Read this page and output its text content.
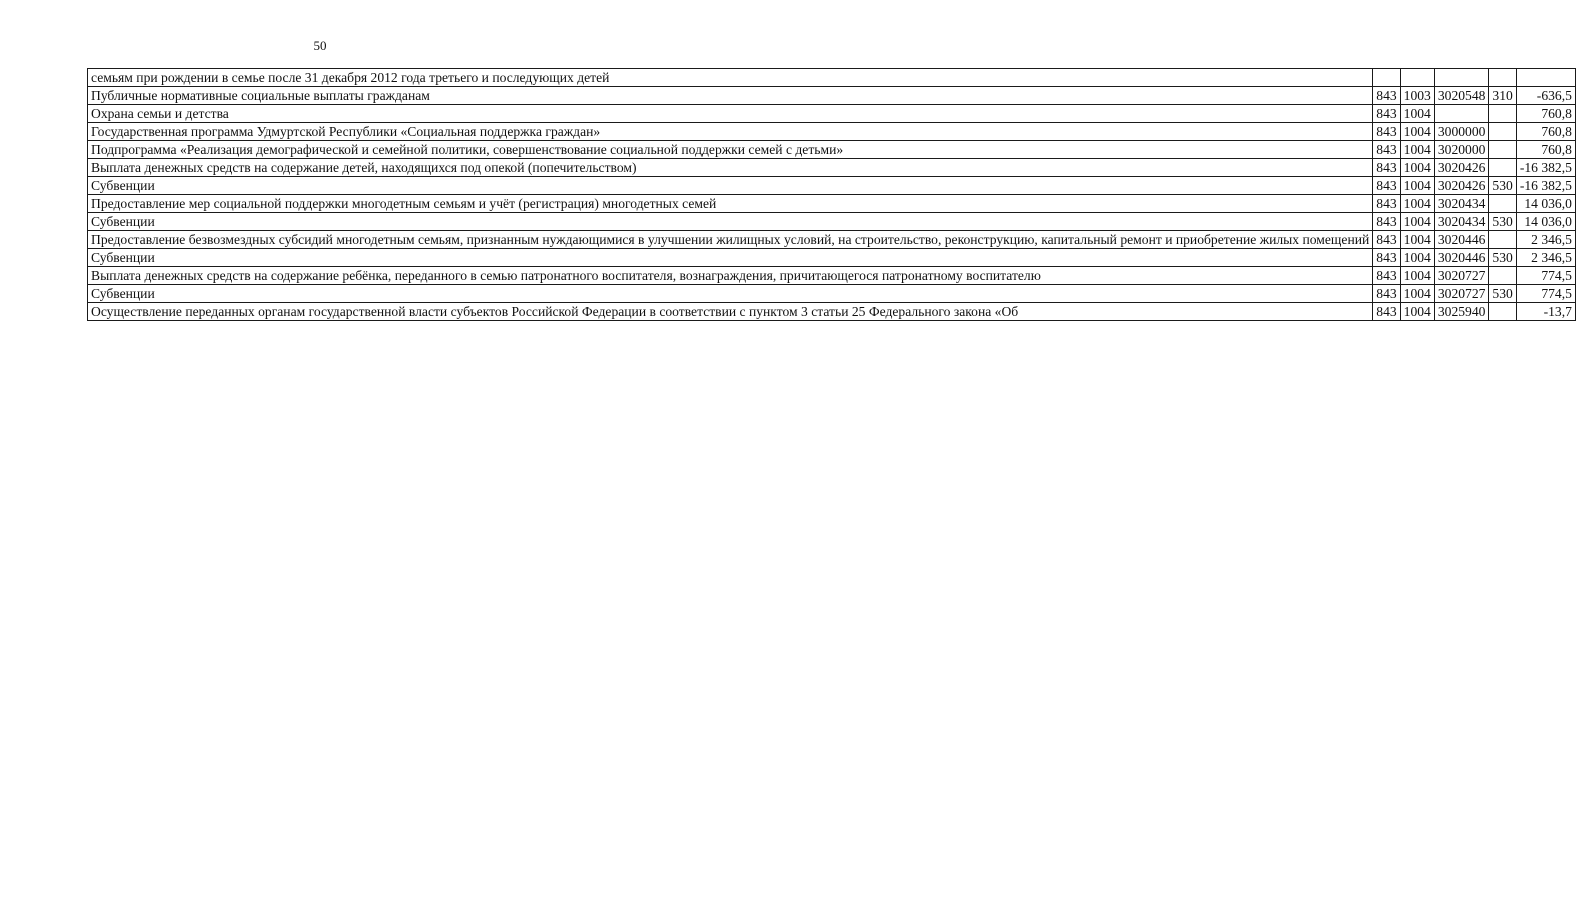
50
семьям при рождении в семье после 31 декабря 2012 года третьего и последующих детей					
Публичные нормативные социальные выплаты гражданам	843	1003	3020548	310	-636,5
Охрана семьи и детства	843	1004			760,8
Государственная программа Удмуртской Республики «Социальная поддержка граждан»	843	1004	3000000		760,8
Подпрограмма «Реализация демографической и семейной политики, совершенствование социальной поддержки семей с детьми»	843	1004	3020000		760,8
Выплата денежных средств на содержание детей, находящихся под опекой (попечительством)	843	1004	3020426		-16 382,5
Субвенции	843	1004	3020426	530	-16 382,5
Предоставление мер социальной поддержки многодетным семьям и учёт (регистрация) многодетных семей	843	1004	3020434		14 036,0
Субвенции	843	1004	3020434	530	14 036,0
Предоставление безвозмездных субсидий многодетным семьям, признанным нуждающимися в улучшении жилищных условий, на строительство, реконструкцию, капитальный ремонт и приобретение жилых помещений	843	1004	3020446		2 346,5
Субвенции	843	1004	3020446	530	2 346,5
Выплата денежных средств на содержание ребёнка, переданного в семью патронатного воспитателя, вознаграждения, причитающегося патронатному воспитателю	843	1004	3020727		774,5
Субвенции	843	1004	3020727	530	774,5
Осуществление переданных органам государственной власти субъектов Российской Федерации в соответствии с пунктом 3 статьи 25 Федерального закона «Об	843	1004	3025940		-13,7
